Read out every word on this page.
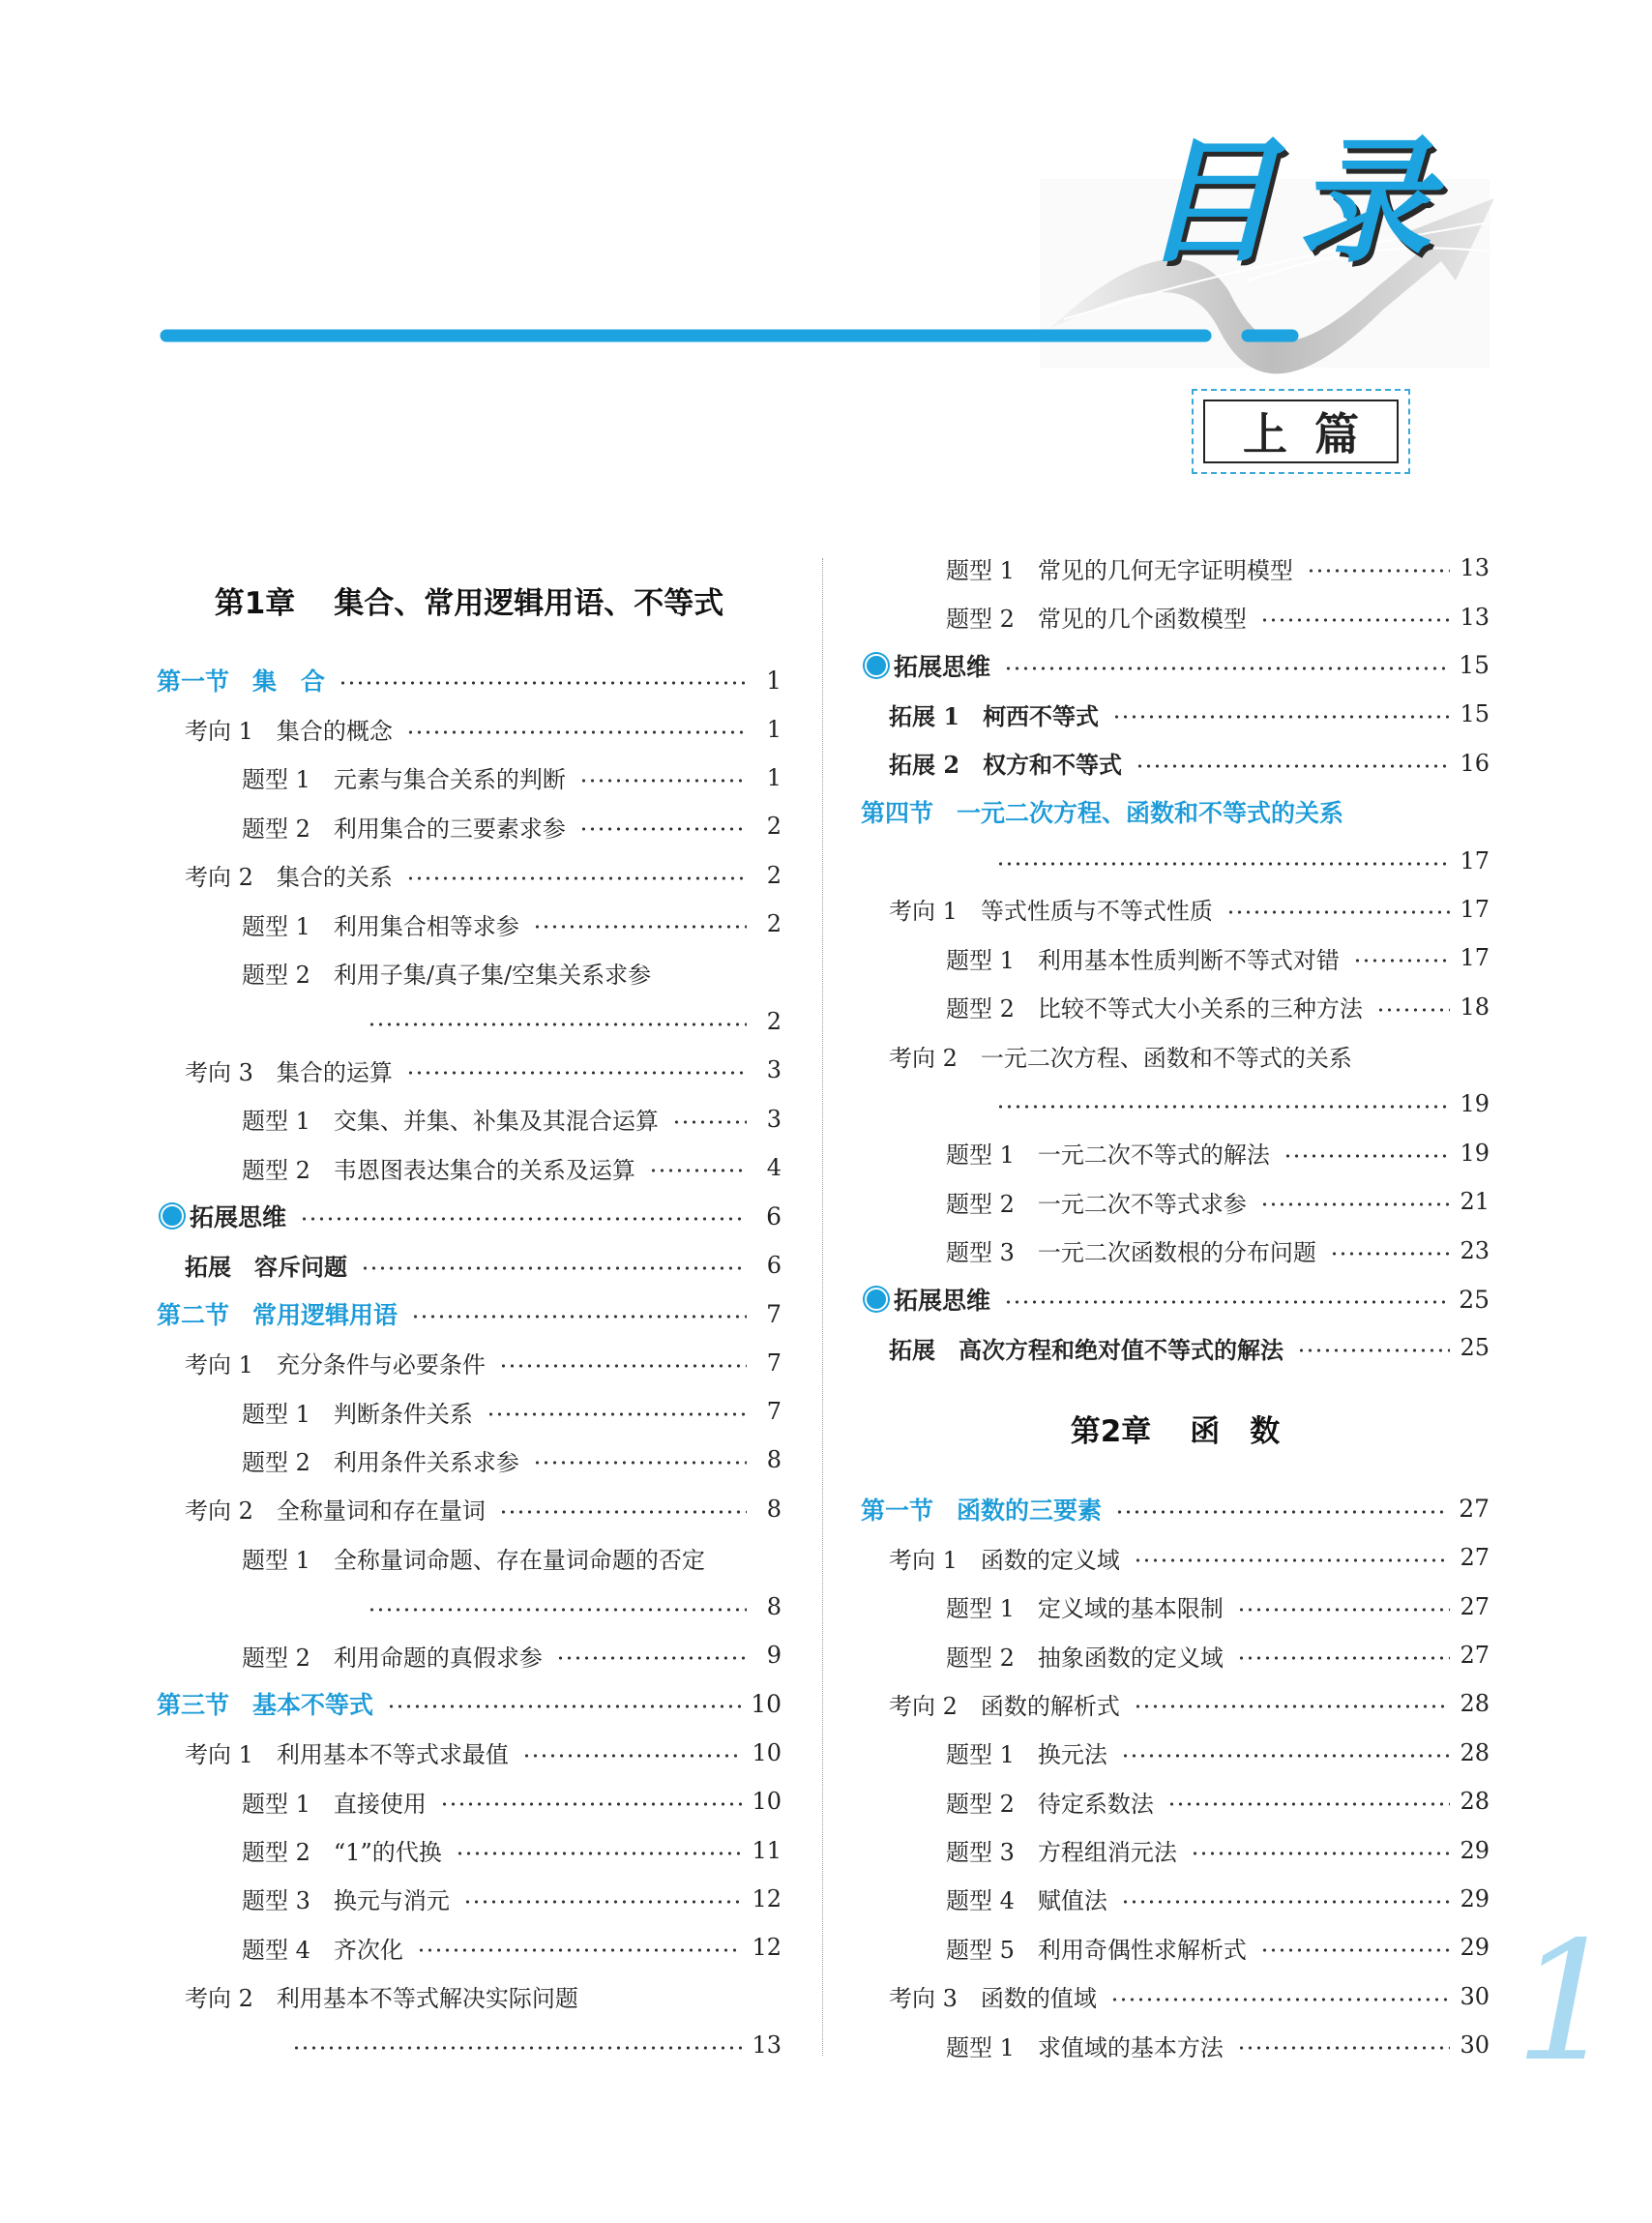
目录
上篇
第1章 集合、常用逻辑用语、不等式
第一节 集　合	1
考向 1 集合的概念	1
题型 1 元素与集合关系的判断	1
题型 2 利用集合的三要素求参	2
考向 2 集合的关系	2
题型 1 利用集合相等求参	2
题型 2 利用子集/真子集/空集关系求参
2
考向 3 集合的运算	3
题型 1 交集、并集、补集及其混合运算	3
题型 2 韦恩图表达集合的关系及运算	4
拓展思维	6
拓展 容斥问题	6
第二节 常用逻辑用语	7
考向 1 充分条件与必要条件	7
题型 1 判断条件关系	7
题型 2 利用条件关系求参	8
考向 2 全称量词和存在量词	8
题型 1 全称量词命题、存在量词命题的否定
8
题型 2 利用命题的真假求参	9
第三节 基本不等式	10
考向 1 利用基本不等式求最值	10
题型 1 直接使用	10
题型 2 “1”的代换	11
题型 3 换元与消元	12
题型 4 齐次化	12
考向 2 利用基本不等式解决实际问题
13
题型 1 常见的几何无字证明模型	13
题型 2 常见的几个函数模型	13
拓展思维	15
拓展 1 柯西不等式	15
拓展 2 权方和不等式	16
第四节 一元二次方程、函数和不等式的关系
17
考向 1 等式性质与不等式性质	17
题型 1 利用基本性质判断不等式对错	17
题型 2 比较不等式大小关系的三种方法	18
考向 2 一元二次方程、函数和不等式的关系
19
题型 1 一元二次不等式的解法	19
题型 2 一元二次不等式求参	21
题型 3 一元二次函数根的分布问题	23
拓展思维	25
拓展 高次方程和绝对值不等式的解法	25
第2章 函　数
第一节 函数的三要素	27
考向 1 函数的定义域	27
题型 1 定义域的基本限制	27
题型 2 抽象函数的定义域	27
考向 2 函数的解析式	28
题型 1 换元法	28
题型 2 待定系数法	28
题型 3 方程组消元法	29
题型 4 赋值法	29
题型 5 利用奇偶性求解析式	29
考向 3 函数的值域	30
题型 1 求值域的基本方法	30 1
